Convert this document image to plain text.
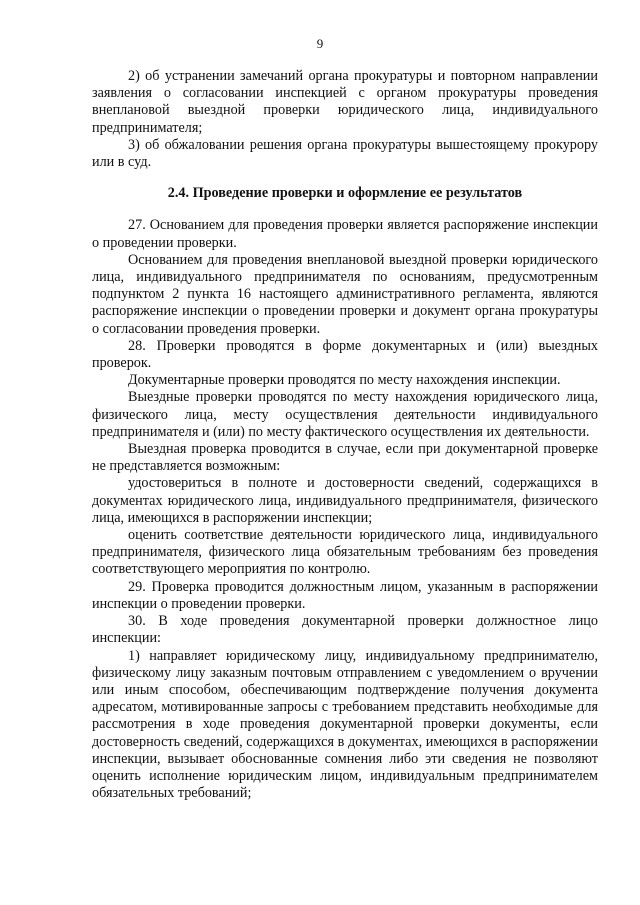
9

2) об устранении замечаний органа прокуратуры и повторном направлении заявления о согласовании инспекцией с органом прокуратуры проведения внеплановой выездной проверки юридического лица, индивидуального предпринимателя;

3) об обжаловании решения органа прокуратуры вышестоящему прокурору или в суд.

2.4. Проведение проверки и оформление ее результатов

27. Основанием для проведения проверки является распоряжение инспекции о проведении проверки.

Основанием для проведения внеплановой выездной проверки юридического лица, индивидуального предпринимателя по основаниям, предусмотренным подпунктом 2 пункта 16 настоящего административного регламента, являются распоряжение инспекции о проведении проверки и документ органа прокуратуры о согласовании проведения проверки.

28. Проверки проводятся в форме документарных и (или) выездных проверок.

Документарные проверки проводятся по месту нахождения инспекции.

Выездные проверки проводятся по месту нахождения юридического лица, физического лица, месту осуществления деятельности индивидуального предпринимателя и (или) по месту фактического осуществления их деятельности.

Выездная проверка проводится в случае, если при документарной проверке не представляется возможным:

удостовериться в полноте и достоверности сведений, содержащихся в документах юридического лица, индивидуального предпринимателя, физического лица, имеющихся в распоряжении инспекции;

оценить соответствие деятельности юридического лица, индивидуального предпринимателя, физического лица обязательным требованиям без проведения соответствующего мероприятия по контролю.

29. Проверка проводится должностным лицом, указанным в распоряжении инспекции о проведении проверки.

30. В ходе проведения документарной проверки должностное лицо инспекции:

1) направляет юридическому лицу, индивидуальному предпринимателю, физическому лицу заказным почтовым отправлением с уведомлением о вручении или иным способом, обеспечивающим подтверждение получения документа адресатом, мотивированные запросы с требованием представить необходимые для рассмотрения в ходе проведения документарной проверки документы, если достоверность сведений, содержащихся в документах, имеющихся в распоряжении инспекции, вызывает обоснованные сомнения либо эти сведения не позволяют оценить исполнение юридическим лицом, индивидуальным предпринимателем обязательных требований;
